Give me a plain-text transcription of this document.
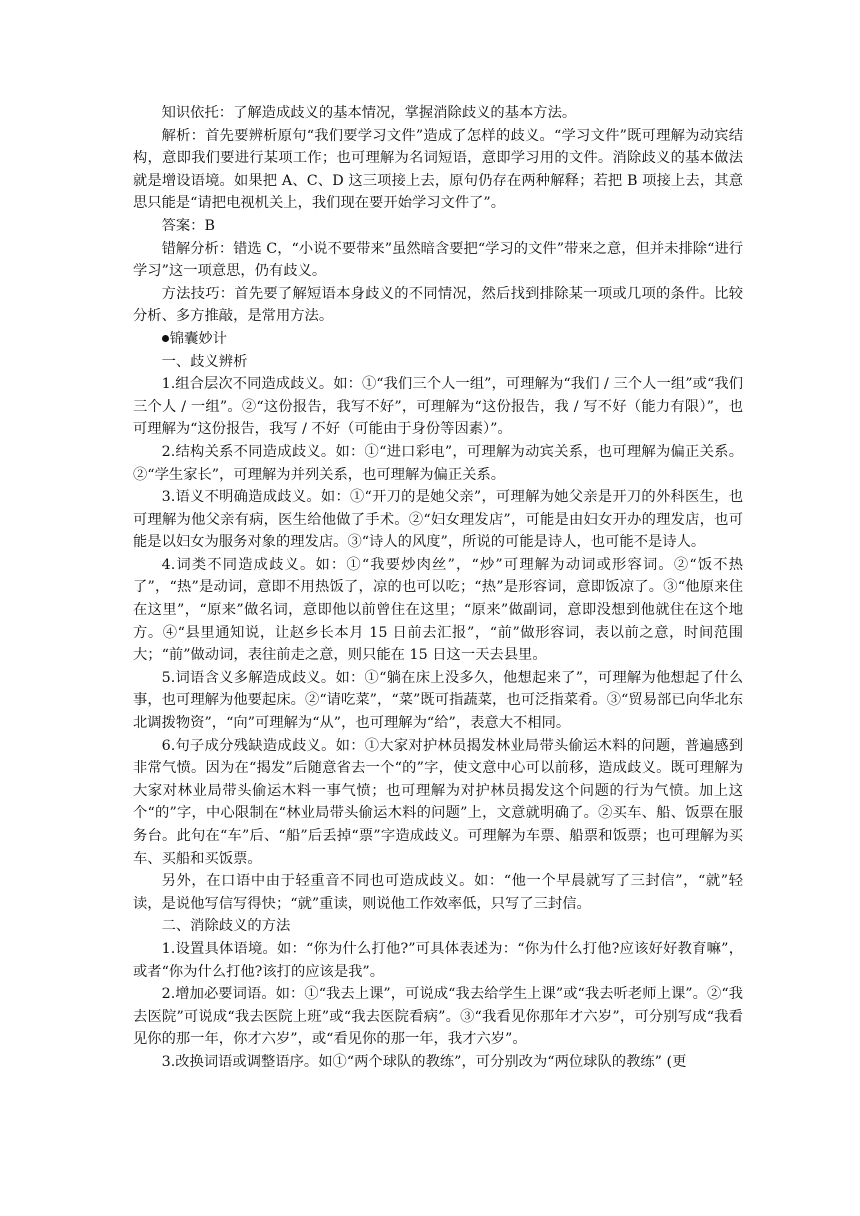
知识依托：了解造成歧义的基本情况，掌握消除歧义的基本方法。

解析：首先要辨析原句“我们要学习文件”造成了怎样的歧义。“学习文件”既可理解为动宾结构，意即我们要进行某项工作；也可理解为名词短语，意即学习用的文件。消除歧义的基本做法就是增设语境。如果把 A、C、D 这三项接上去，原句仍存在两种解释；若把 B 项接上去，其意思只能是“请把电视机关上，我们现在要开始学习文件了”。

答案：B

错解分析：错选 C，“小说不要带来”虽然暗含要把“学习的文件”带来之意，但并未排除“进行学习”这一项意思，仍有歧义。

方法技巧：首先要了解短语本身歧义的不同情况，然后找到排除某一项或几项的条件。比较分析、多方推敲，是常用方法。

锦囊妙计

一、歧义辨析

1.组合层次不同造成歧义。如：①“我们三个人一组”，可理解为“我们 / 三个人一组”或“我们三个人 / 一组”。②“这份报告，我写不好”，可理解为“这份报告，我 / 写不好（能力有限）”，也可理解为“这份报告，我写 / 不好（可能由于身份等因素）”。

2.结构关系不同造成歧义。如：①“进口彩电”，可理解为动宾关系，也可理解为偏正关系。②“学生家长”，可理解为并列关系，也可理解为偏正关系。

3.语义不明确造成歧义。如：①“开刀的是她父亲”，可理解为她父亲是开刀的外科医生，也可理解为他父亲有病，医生给他做了手术。②“妇女理发店”，可能是由妇女开办的理发店，也可能是以妇女为服务对象的理发店。③“诗人的风度”，所说的可能是诗人，也可能不是诗人。

4.词类不同造成歧义。如：①“我要炒肉丝”，“炒”可理解为动词或形容词。②“饭不热了”，“热”是动词，意即不用热饭了，凉的也可以吃；“热”是形容词，意即饭凉了。③“他原来住在这里”，“原来”做名词，意即他以前曾住在这里；“原来”做副词，意即没想到他就住在这个地方。④“县里通知说，让赵乡长本月 15 日前去汇报”，“前”做形容词，表以前之意，时间范围大；“前”做动词，表往前走之意，则只能在 15 日这一天去县里。

5.词语含义多解造成歧义。如：①“躺在床上没多久，他想起来了”，可理解为他想起了什么事，也可理解为他要起床。②“请吃菜”，“菜”既可指蔬菜，也可泛指菜肴。③“贸易部已向华北东北调拨物资”，“向”可理解为“从”，也可理解为“给”，表意大不相同。

6.句子成分残缺造成歧义。如：①大家对护林员揭发林业局带头偷运木料的问题，普遍感到非常气愤。因为在“揭发”后随意省去一个“的”字，使文意中心可以前移，造成歧义。既可理解为大家对林业局带头偷运木料一事气愤；也可理解为对护林员揭发这个问题的行为气愤。加上这个“的”字，中心限制在“林业局带头偷运木料的问题”上，文意就明确了。②买车、船、饭票在服务台。此句在“车”后、“船”后丢掉“票”字造成歧义。可理解为车票、船票和饭票；也可理解为买车、买船和买饭票。

另外，在口语中由于轻重音不同也可造成歧义。如：“他一个早晨就写了三封信”，“就”轻读，是说他写信写得快；“就”重读，则说他工作效率低，只写了三封信。

二、消除歧义的方法

1.设置具体语境。如：“你为什么打他?”可具体表述为：“你为什么打他?应该好好教育嘛”，或者“你为什么打他?该打的应该是我”。

2.增加必要词语。如：①“我去上课”，可说成“我去给学生上课”或“我去听老师上课”。②“我去医院”可说成“我去医院上班”或“我去医院看病”。③“我看见你那年才六岁”，可分别写成“我看见你的那一年，你才六岁”，或“看见你的那一年，我才六岁”。

3.改换词语或调整语序。如①“两个球队的教练”，可分别改为“两位球队的教练” (更
